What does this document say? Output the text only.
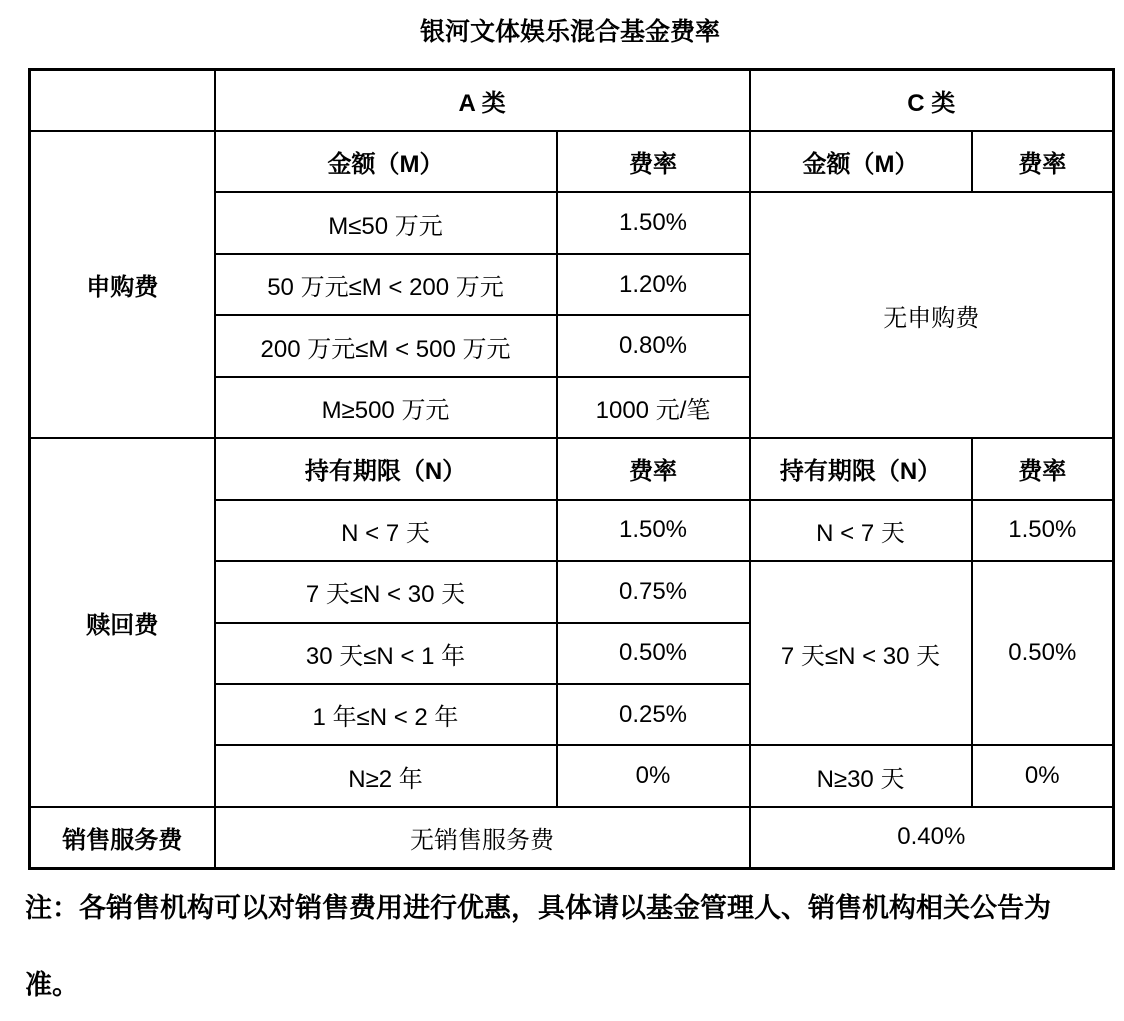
银河文体娱乐混合基金费率
	A 类		C 类	
申购费	金额（M）	费率	金额（M）	费率
	M≤50 万元	1.50%	无申购费	
	50 万元≤M < 200 万元	1.20%		
	200 万元≤M < 500 万元	0.80%		
	M≥500 万元	1000 元/笔		
赎回费	持有期限（N）	费率	持有期限（N）	费率
	N < 7 天	1.50%	N < 7 天	1.50%
	7 天≤N < 30 天	0.75%	7 天≤N < 30 天	0.50%
	30 天≤N < 1 年	0.50%		
	1 年≤N < 2 年	0.25%		
	N≥2 年	0%	N≥30 天	0%
销售服务费	无销售服务费		0.40%	
注：各销售机构可以对销售费用进行优惠，具体请以基金管理人、销售机构相关公告为准。
